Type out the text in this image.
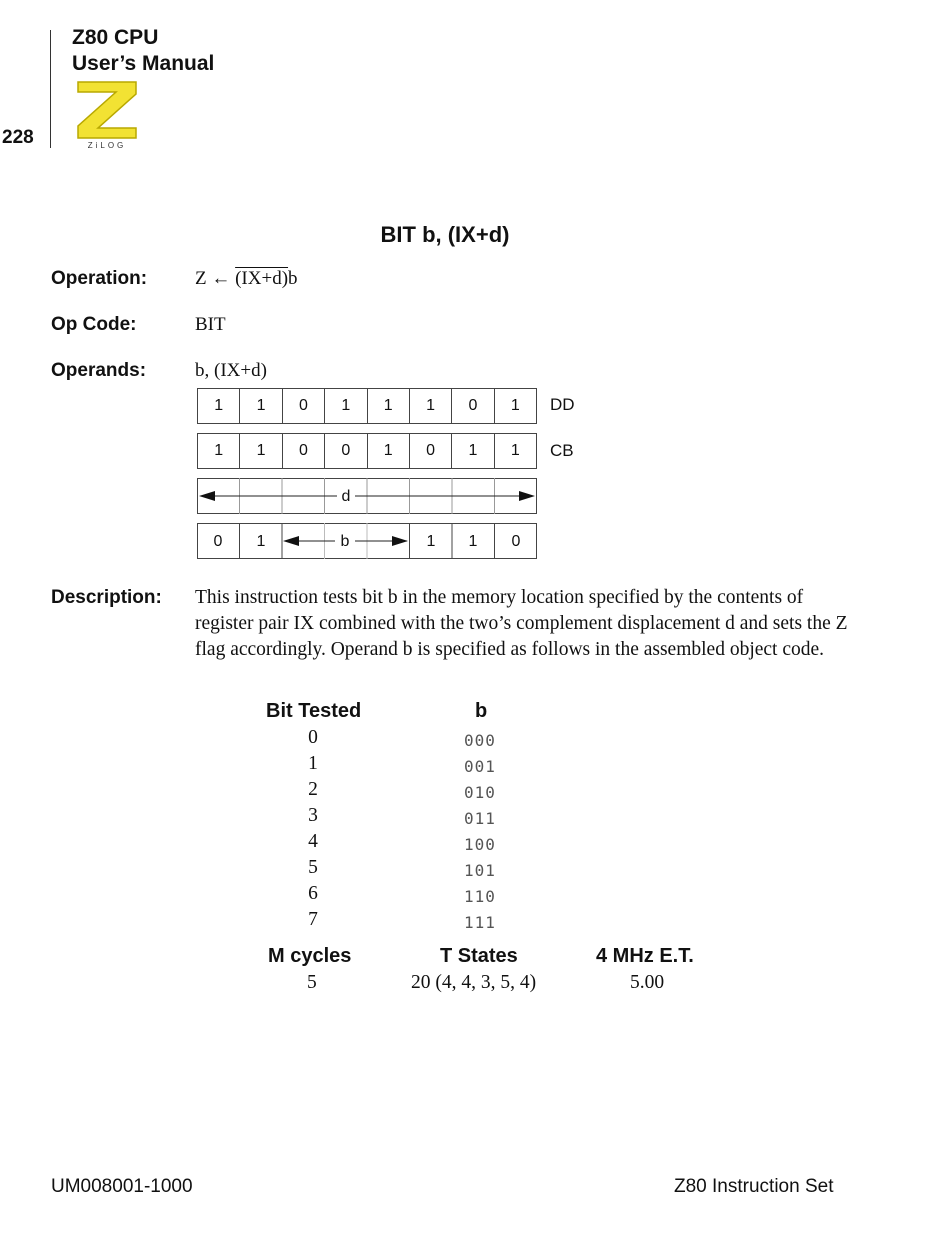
Z80 CPU
User’s Manual
228	ZiLOG
BIT b, (IX+d)
Operation:	Z ← (IX+d)b
Op Code:	BIT
Operands:	b, (IX+d)
1	1	0	1	1	1	0	1	DD
1	1	0	0	1	0	1	1	CB
d
0 1	b	1 1 0
Description: This instruction tests bit b in the memory location specified by the contents of register pair IX combined with the two’s complement displacement d and sets the Z flag accordingly. Operand b is specified as follows in the assembled object code.
Bit Tested	b
0	000
1	001
2	010
3	011
4	100
5	101
6	110
7	111
M cycles	T States	4 MHz E.T.
5	20 (4, 4, 3, 5, 4)	5.00
UM008001-1000	Z80 Instruction Set
